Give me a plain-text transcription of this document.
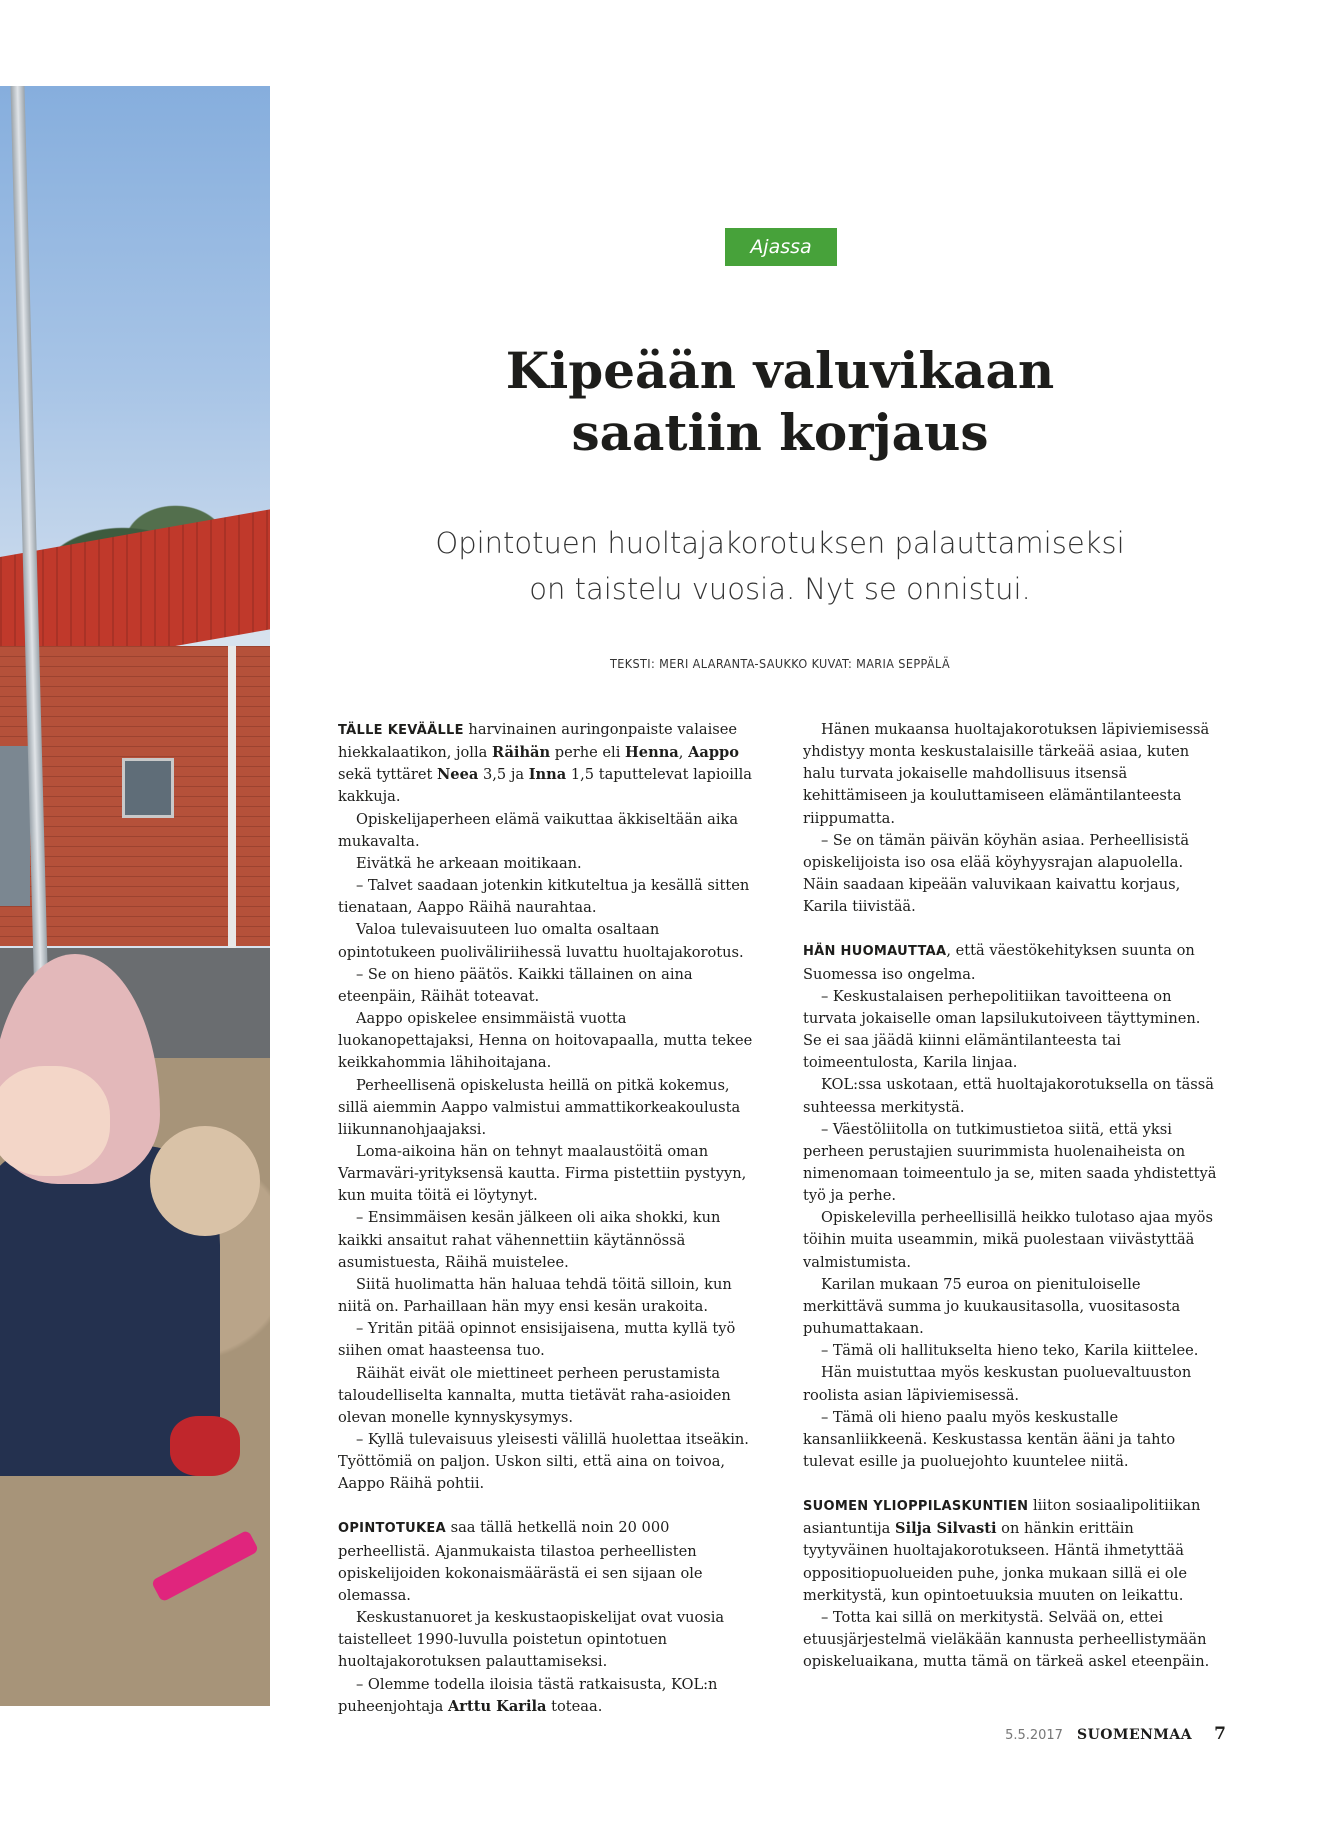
Ajassa
Kipeään valuvikaan
saatiin korjaus

Opintotuen huoltajakorotuksen palauttamiseksi
on taistelu vuosia. Nyt se onnistui.

TEKSTI: MERI ALARANTA-SAUKKO KUVAT: MARIA SEPPÄLÄ

TÄLLE KEVÄÄLLE harvinainen auringonpaiste valaisee hiekkalaatikon, jolla Räihän perhe eli Henna, Aappo sekä tyttäret Neea 3,5 ja Inna 1,5 taputtelevat lapioilla kakkuja.

Opiskelijaperheen elämä vaikuttaa äkkiseltään aika mukavalta.

Eivätkä he arkeaan moitikaan.

– Talvet saadaan jotenkin kitkuteltua ja kesällä sitten tienataan, Aappo Räihä naurahtaa.

Valoa tulevaisuuteen luo omalta osaltaan opintotukeen puoliväliriihessä luvattu huoltajakorotus.

– Se on hieno päätös. Kaikki tällainen on aina eteenpäin, Räihät toteavat.

Aappo opiskelee ensimmäistä vuotta luokanopettajaksi, Henna on hoitovapaalla, mutta tekee keikkahommia lähihoitajana.

Perheellisenä opiskelusta heillä on pitkä kokemus, sillä aiemmin Aappo valmistui ammattikorkeakoulusta liikunnanohjaajaksi.

Loma-aikoina hän on tehnyt maalaustöitä oman Varmaväri-yrityksensä kautta. Firma pistettiin pystyyn, kun muita töitä ei löytynyt.

– Ensimmäisen kesän jälkeen oli aika shokki, kun kaikki ansaitut rahat vähennettiin käytännössä asumistuesta, Räihä muistelee.

Siitä huolimatta hän haluaa tehdä töitä silloin, kun niitä on. Parhaillaan hän myy ensi kesän urakoita.

– Yritän pitää opinnot ensisijaisena, mutta kyllä työ siihen omat haasteensa tuo.

Räihät eivät ole miettineet perheen perustamista taloudelliselta kannalta, mutta tietävät raha-asioiden olevan monelle kynnyskysymys.

– Kyllä tulevaisuus yleisesti välillä huolettaa itseäkin. Työttömiä on paljon. Uskon silti, että aina on toivoa, Aappo Räihä pohtii.

OPINTOTUKEA saa tällä hetkellä noin 20 000 perheellistä. Ajanmukaista tilastoa perheellisten opiskelijoiden kokonaismäärästä ei sen sijaan ole olemassa.

Keskustanuoret ja keskustaopiskelijat ovat vuosia taistelleet 1990-luvulla poistetun opintotuen huoltajakorotuksen palauttamiseksi.

– Olemme todella iloisia tästä ratkaisusta, KOL:n puheenjohtaja Arttu Karila toteaa.

Hänen mukaansa huoltajakorotuksen läpiviemisessä yhdistyy monta keskustalaisille tärkeää asiaa, kuten halu turvata jokaiselle mahdollisuus itsensä kehittämiseen ja kouluttamiseen elämäntilanteesta riippumatta.

– Se on tämän päivän köyhän asiaa. Perheellisistä opiskelijoista iso osa elää köyhyysrajan alapuolella. Näin saadaan kipeään valuvikaan kaivattu korjaus, Karila tiivistää.

HÄN HUOMAUTTAA, että väestökehityksen suunta on Suomessa iso ongelma.

– Keskustalaisen perhepolitiikan tavoitteena on turvata jokaiselle oman lapsilukutoiveen täyttyminen. Se ei saa jäädä kiinni elämäntilanteesta tai toimeentulosta, Karila linjaa.

KOL:ssa uskotaan, että huoltajakorotuksella on tässä suhteessa merkitystä.

– Väestöliitolla on tutkimustietoa siitä, että yksi perheen perustajien suurimmista huolenaiheista on nimenomaan toimeentulo ja se, miten saada yhdistettyä työ ja perhe.

Opiskelevilla perheellisillä heikko tulotaso ajaa myös töihin muita useammin, mikä puolestaan viivästyttää valmistumista.

Karilan mukaan 75 euroa on pienituloiselle merkittävä summa jo kuukausitasolla, vuositasosta puhumattakaan.

– Tämä oli hallitukselta hieno teko, Karila kiittelee.

Hän muistuttaa myös keskustan puoluevaltuuston roolista asian läpiviemisessä.

– Tämä oli hieno paalu myös keskustalle kansanliikkeenä. Keskustassa kentän ääni ja tahto tulevat esille ja puoluejohto kuuntelee niitä.

SUOMEN YLIOPPILASKUNTIEN liiton sosiaalipolitiikan asiantuntija Silja Silvasti on hänkin erittäin tyytyväinen huoltajakorotukseen. Häntä ihmetyttää oppositiopuolueiden puhe, jonka mukaan sillä ei ole merkitystä, kun opintoetuuksia muuten on leikattu.

– Totta kai sillä on merkitystä. Selvää on, ettei etuusjärjestelmä vieläkään kannusta perheellistymään opiskeluaikana, mutta tämä on tärkeä askel eteenpäin.

5.5.2017 SUOMENMAA 7
